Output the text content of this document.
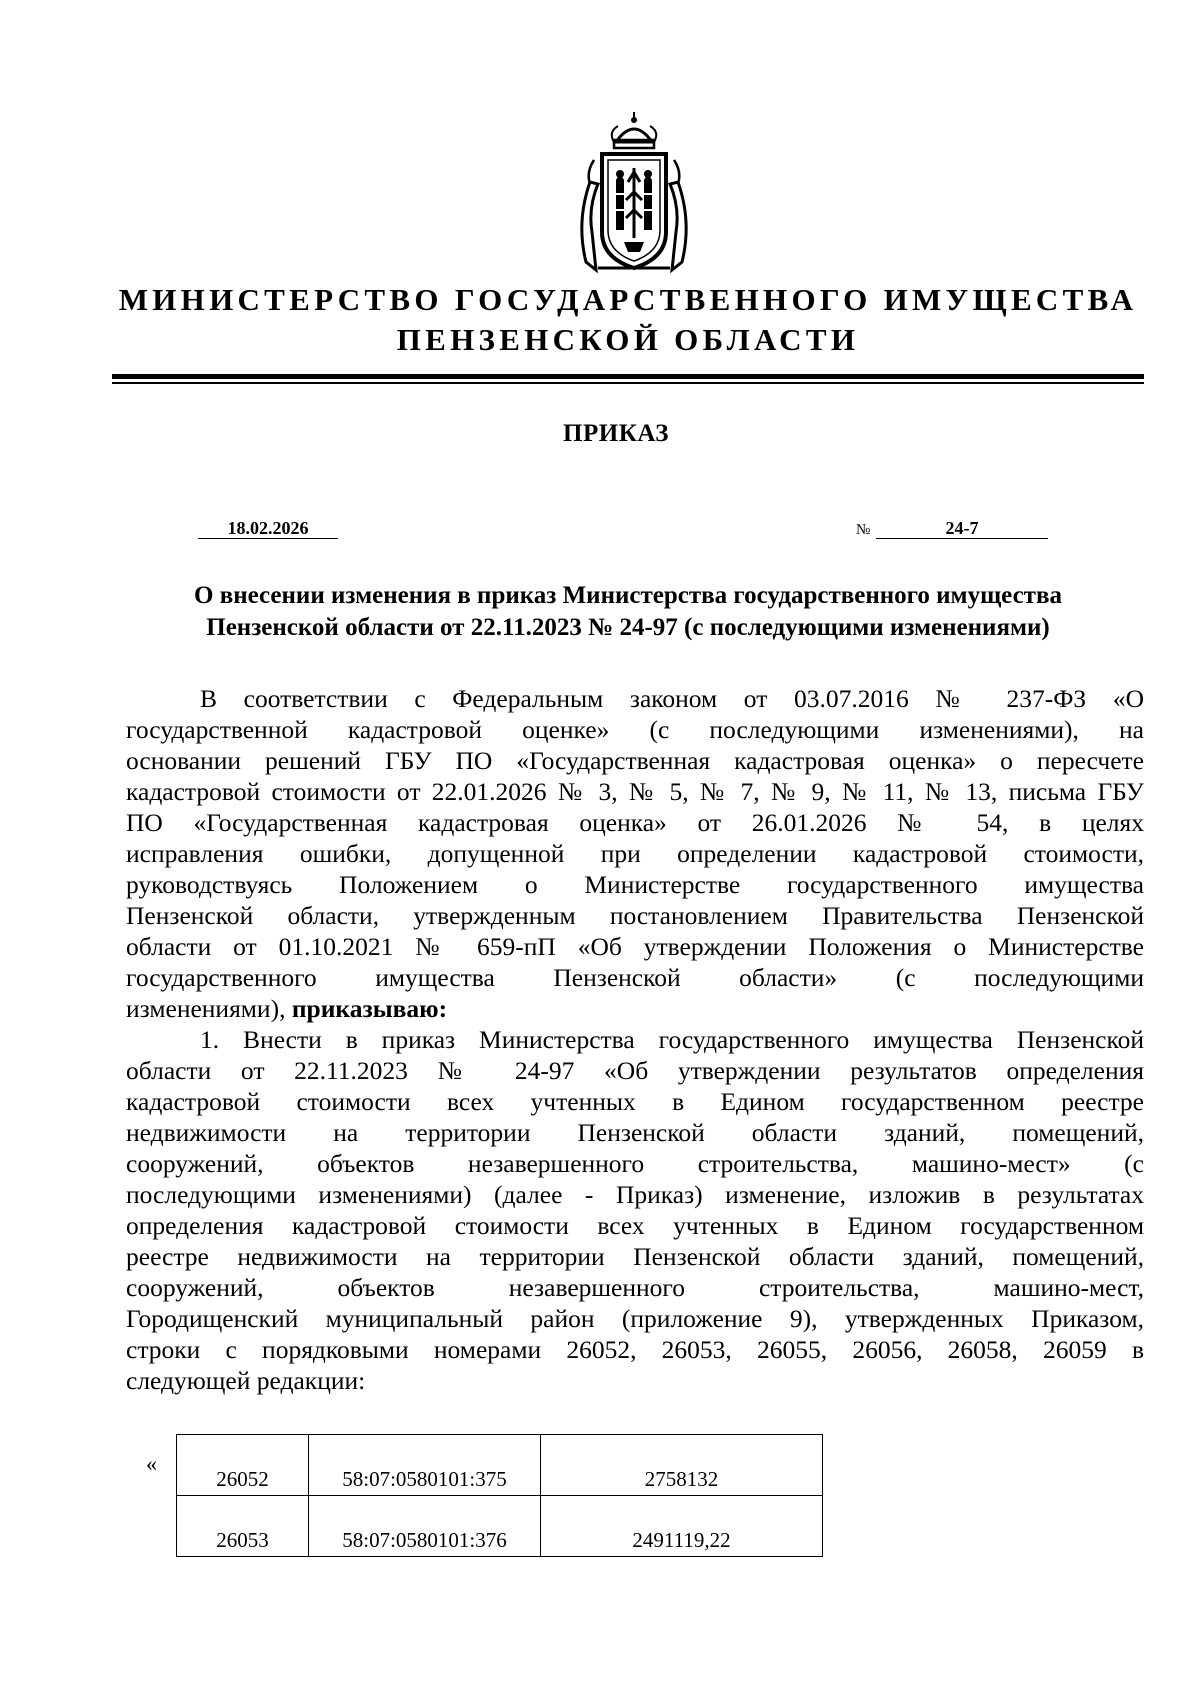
МИНИСТЕРСТВО ГОСУДАРСТВЕННОГО ИМУЩЕСТВА
ПЕНЗЕНСКОЙ ОБЛАСТИ
ПРИКАЗ
18.02.2026	№	24-7
О внесении изменения в приказ Министерства государственного имущества
Пензенской области от 22.11.2023 № 24-97 (с последующими изменениями)
В соответствии с Федеральным законом от 03.07.2016 № 237-ФЗ «О
государственной кадастровой оценке» (с последующими изменениями), на
основании решений ГБУ ПО «Государственная кадастровая оценка» о пересчете
кадастровой стоимости от 22.01.2026 № 3, № 5, № 7, № 9, № 11, № 13, письма ГБУ
ПО «Государственная кадастровая оценка» от 26.01.2026 № 54, в целях
исправления ошибки, допущенной при определении кадастровой стоимости,
руководствуясь Положением о Министерстве государственного имущества
Пензенской области, утвержденным постановлением Правительства Пензенской
области от 01.10.2021 № 659-пП «Об утверждении Положения о Министерстве
государственного имущества Пензенской области» (с последующими
изменениями), приказываю:
1. Внести в приказ Министерства государственного имущества Пензенской
области от 22.11.2023 № 24-97 «Об утверждении результатов определения
кадастровой стоимости всех учтенных в Едином государственном реестре
недвижимости на территории Пензенской области зданий, помещений,
сооружений, объектов незавершенного строительства, машино-мест» (с
последующими изменениями) (далее - Приказ) изменение, изложив в результатах
определения кадастровой стоимости всех учтенных в Едином государственном
реестре недвижимости на территории Пензенской области зданий, помещений,
сооружений, объектов незавершенного строительства, машино-мест,
Городищенский муниципальный район (приложение 9), утвержденных Приказом,
строки с порядковыми номерами 26052, 26053, 26055, 26056, 26058, 26059 в
следующей редакции:
«
26052	58:07:0580101:375	2758132
26053	58:07:0580101:376	2491119,22
